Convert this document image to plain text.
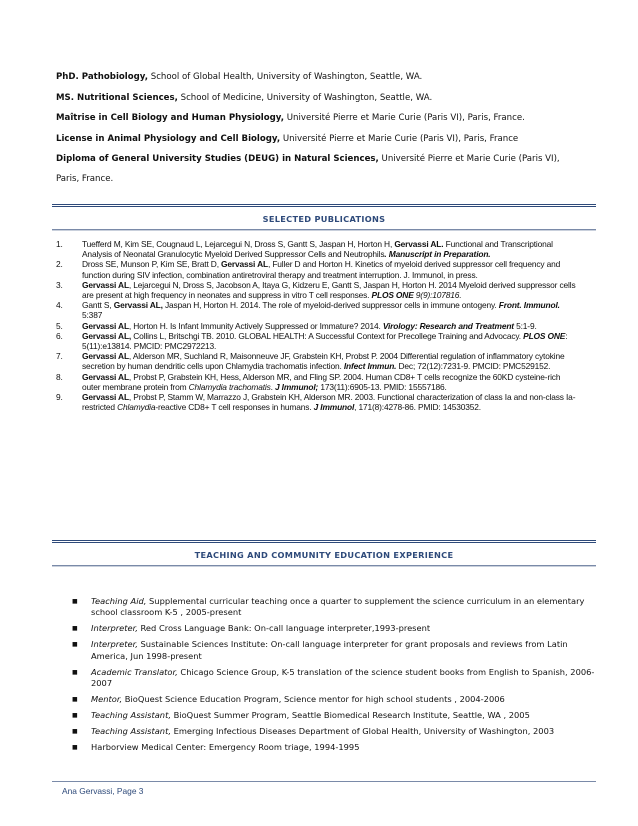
PhD. Pathobiology, School of Global Health, University of Washington, Seattle, WA.
MS. Nutritional Sciences, School of Medicine, University of Washington, Seattle, WA.
Maîtrise in Cell Biology and Human Physiology, Université Pierre et Marie Curie (Paris VI), Paris, France.
License in Animal Physiology and Cell Biology, Université Pierre et Marie Curie (Paris VI), Paris, France
Diploma of General University Studies (DEUG) in Natural Sciences, Université Pierre et Marie Curie (Paris VI),
Paris, France.
SELECTED PUBLICATIONS
1.	Tuefferd M, Kim SE, Cougnaud L, Lejarcegui N, Dross S, Gantt S, Jaspan H, Horton H, Gervassi AL. Functional and Transcriptional Analysis of Neonatal Granulocytic Myeloid Derived Suppressor Cells and Neutrophils. Manuscript in Preparation.
2.	Dross SE, Munson P, Kim SE, Bratt D, Gervassi AL, Fuller D and Horton H. Kinetics of myeloid derived suppressor cell frequency and function during SIV infection, combination antiretroviral therapy and treatment interruption. J. Immunol, in press.
3.	Gervassi AL, Lejarcegui N, Dross S, Jacobson A, Itaya G, Kidzeru E, Gantt S, Jaspan H, Horton H. 2014 Myeloid derived suppressor cells are present at high frequency in neonates and suppress in vitro T cell responses. PLOS ONE 9(9):107816.
4.	Gantt S, Gervassi AL, Jaspan H, Horton H. 2014. The role of myeloid-derived suppressor cells in immune ontogeny. Front. Immunol. 5:387
5.	Gervassi AL, Horton H. Is Infant Immunity Actively Suppressed or Immature? 2014. Virology: Research and Treatment 5:1-9.
6.	Gervassi AL, Collins L, Britschgi TB. 2010. GLOBAL HEALTH: A Successful Context for Precollege Training and Advocacy. PLOS ONE: 5(11):e13814. PMCID: PMC2972213.
7.	Gervassi AL, Alderson MR, Suchland R, Maisonneuve JF, Grabstein KH, Probst P. 2004 Differential regulation of inflammatory cytokine secretion by human dendritic cells upon Chlamydia trachomatis infection. Infect Immun. Dec; 72(12):7231-9. PMCID: PMC529152.
8.	Gervassi AL, Probst P, Grabstein KH, Hess, Alderson MR, and Fling SP. 2004. Human CD8+ T cells recognize the 60KD cysteine-rich outer membrane protein from Chlamydia trachomatis. J Immunol; 173(11):6905-13. PMID: 15557186.
9.	Gervassi AL, Probst P, Stamm W, Marrazzo J, Grabstein KH, Alderson MR. 2003. Functional characterization of class Ia and non-class Ia-restricted Chlamydia-reactive CD8+ T cell responses in humans. J Immunol, 171(8):4278-86. PMID: 14530352.
TEACHING AND COMMUNITY EDUCATION EXPERIENCE
■	Teaching Aid, Supplemental curricular teaching once a quarter to supplement the science curriculum in an elementary school classroom K-5 , 2005-present
■	Interpreter, Red Cross Language Bank: On-call language interpreter,1993-present
■	Interpreter, Sustainable Sciences Institute: On-call language interpreter for grant proposals and reviews from Latin America, Jun 1998-present
■	Academic Translator, Chicago Science Group, K-5 translation of the science student books from English to Spanish, 2006-2007
■	Mentor, BioQuest Science Education Program, Science mentor for high school students , 2004-2006
■	Teaching Assistant, BioQuest Summer Program, Seattle Biomedical Research Institute, Seattle, WA , 2005
■	Teaching Assistant, Emerging Infectious Diseases Department of Global Health, University of Washington, 2003
■	Harborview Medical Center: Emergency Room triage, 1994-1995
Ana Gervassi, Page 3
